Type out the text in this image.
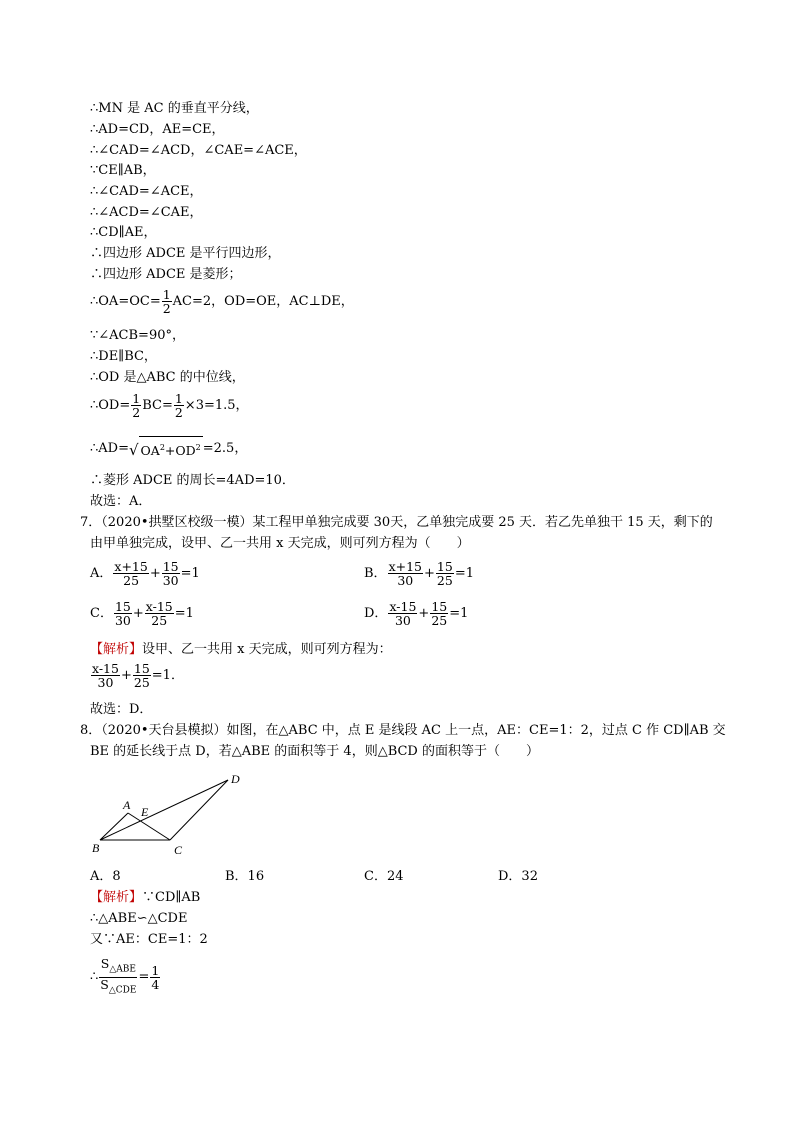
∴MN 是 AC 的垂直平分线，
∴AD=CD，AE=CE，
∴∠CAD=∠ACD，∠CAE=∠ACE，
∵CE∥AB，
∴∠CAD=∠ACE，
∴∠ACD=∠CAE，
∴CD∥AE，
∴四边形 ADCE 是平行四边形，
∴四边形 ADCE 是菱形；
∴OA=OC= $\frac{1}{2} AC=2$，OD=OE，AC⊥DE，
∵∠ACB=90°，
∴DE∥BC，
∴OD 是△ABC 的中位线，
∴OD= $\frac{1}{2} BC= \frac{1}{2} \times 3=1.5$，
∴AD=√ $OA^2+OD^2 =2.5$，
∴菱形 ADCE 的周长=4AD=10．
故选：A．
7．（2020•拱墅区校级一模）某工程甲单独完成要 30天，乙单独完成要 25 天．若乙先单独干 15 天，剩下的
由甲单独完成，设甲、乙一共用 x 天完成，则可列方程为（　　）
A． $\frac{x+15}{25} + \frac{15}{30} =1$	B． $\frac{x+15}{30} + \frac{15}{25} =1$
C． $\frac{15}{30} + \frac{x-15}{25} =1$	D． $\frac{x-15}{30} + \frac{15}{25} =1$
【解析】设甲、乙一共用 x 天完成，则可列方程为：
$\frac{x-15}{30} + \frac{15}{25} =1$．
故选：D．
8．（2020•天台县模拟）如图，在△ABC 中，点 E 是线段 AC 上一点，AE：CE=1：2，过点 C 作 CD∥AB 交
BE 的延长线于点 D，若△ABE 的面积等于 4，则△BCD 的面积等于（　　）
A E
B	C
D
A．8	B．16	C．24	D．32
【解析】∵CD∥AB
∴△ABE∽△CDE
又∵AE：CE=1：2
∴
$S_{\triangle ABE}$
$S_{\triangle CDE}$
= $\frac{1}{4}$
